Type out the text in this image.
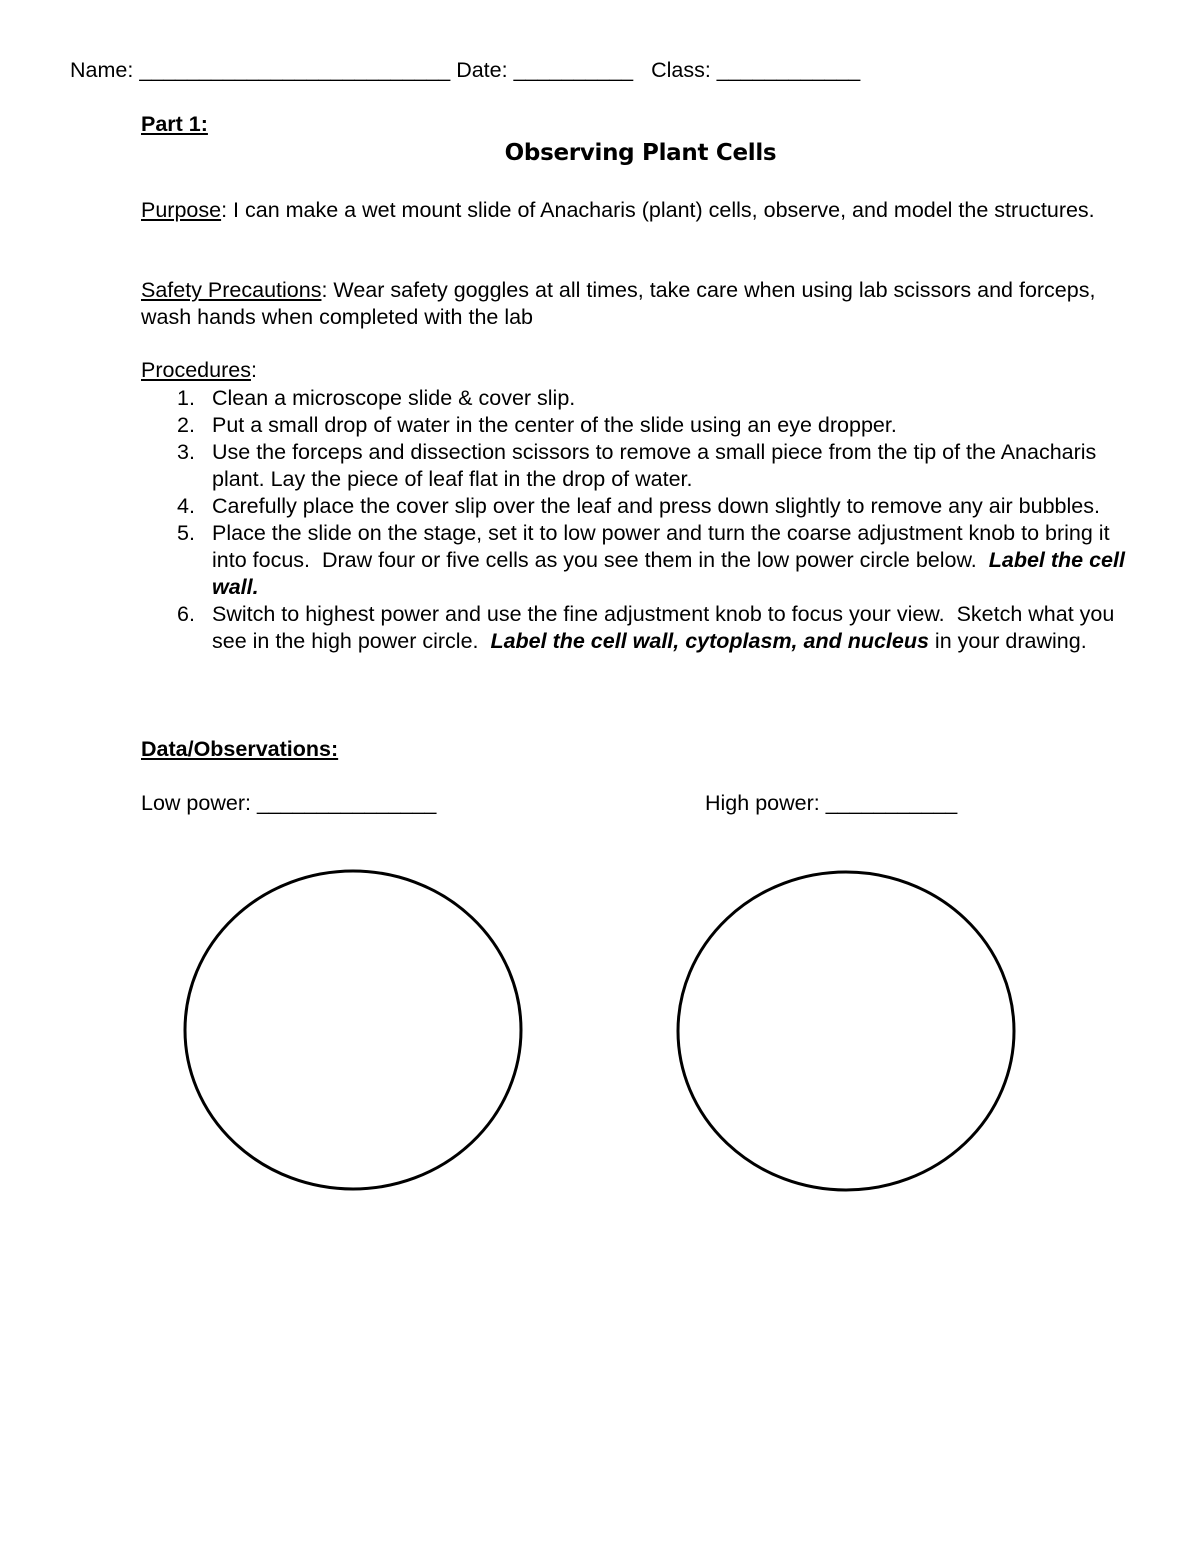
Name: __________________________ Date: __________ Class: ____________
Part 1:
Observing Plant Cells
Purpose: I can make a wet mount slide of Anacharis (plant) cells, observe, and model the structures.
Safety Precautions: Wear safety goggles at all times, take care when using lab scissors and forceps, wash hands when completed with the lab
Procedures:
1. Clean a microscope slide & cover slip.
2. Put a small drop of water in the center of the slide using an eye dropper.
3. Use the forceps and dissection scissors to remove a small piece from the tip of the Anacharis plant. Lay the piece of leaf flat in the drop of water.
4. Carefully place the cover slip over the leaf and press down slightly to remove any air bubbles.
5. Place the slide on the stage, set it to low power and turn the coarse adjustment knob to bring it into focus.  Draw four or five cells as you see them in the low power circle below.  Label the cell wall.
6. Switch to highest power and use the fine adjustment knob to focus your view.  Sketch what you see in the high power circle.  Label the cell wall, cytoplasm, and nucleus in your drawing.
Data/Observations:
Low power: _______________	High power: ___________
